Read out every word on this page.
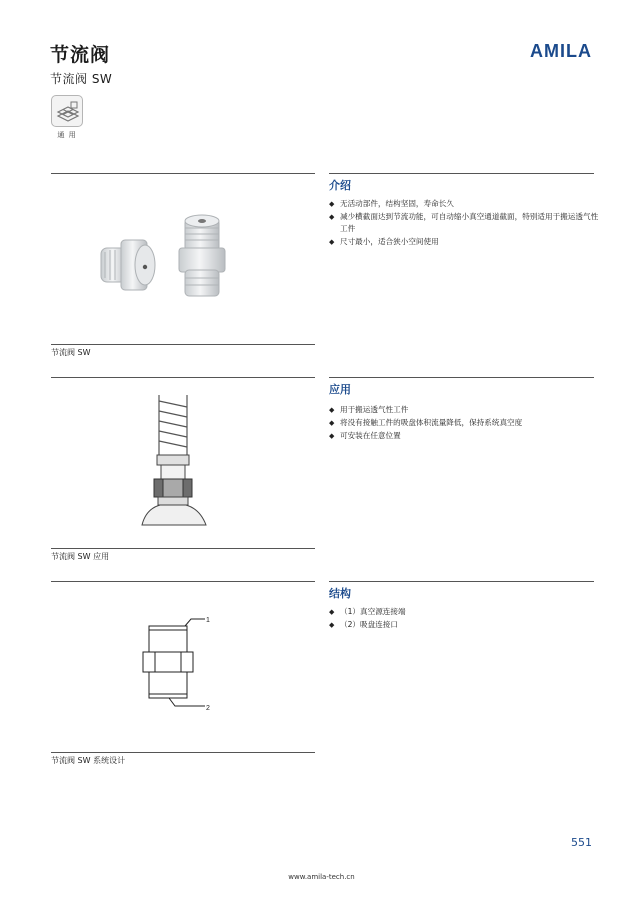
节流阀
节流阀 SW
AMILA
通 用
介绍
◆ 无活动部件，结构坚固，寿命长久
◆ 减少横截面达到节流功能，可自动缩小真空通道截面，特别适用于搬运透气性工件
◆ 尺寸最小，适合狭小空间使用
节流阀 SW
应用
◆ 用于搬运透气性工件
◆ 将没有接触工件的吸盘体积流量降低，保持系统真空度
◆ 可安装在任意位置
节流阀 SW 应用
结构
◆ （1）真空源连接端
◆ （2）吸盘连接口
1
2
节流阀 SW 系统设计
551
www.amila-tech.cn
